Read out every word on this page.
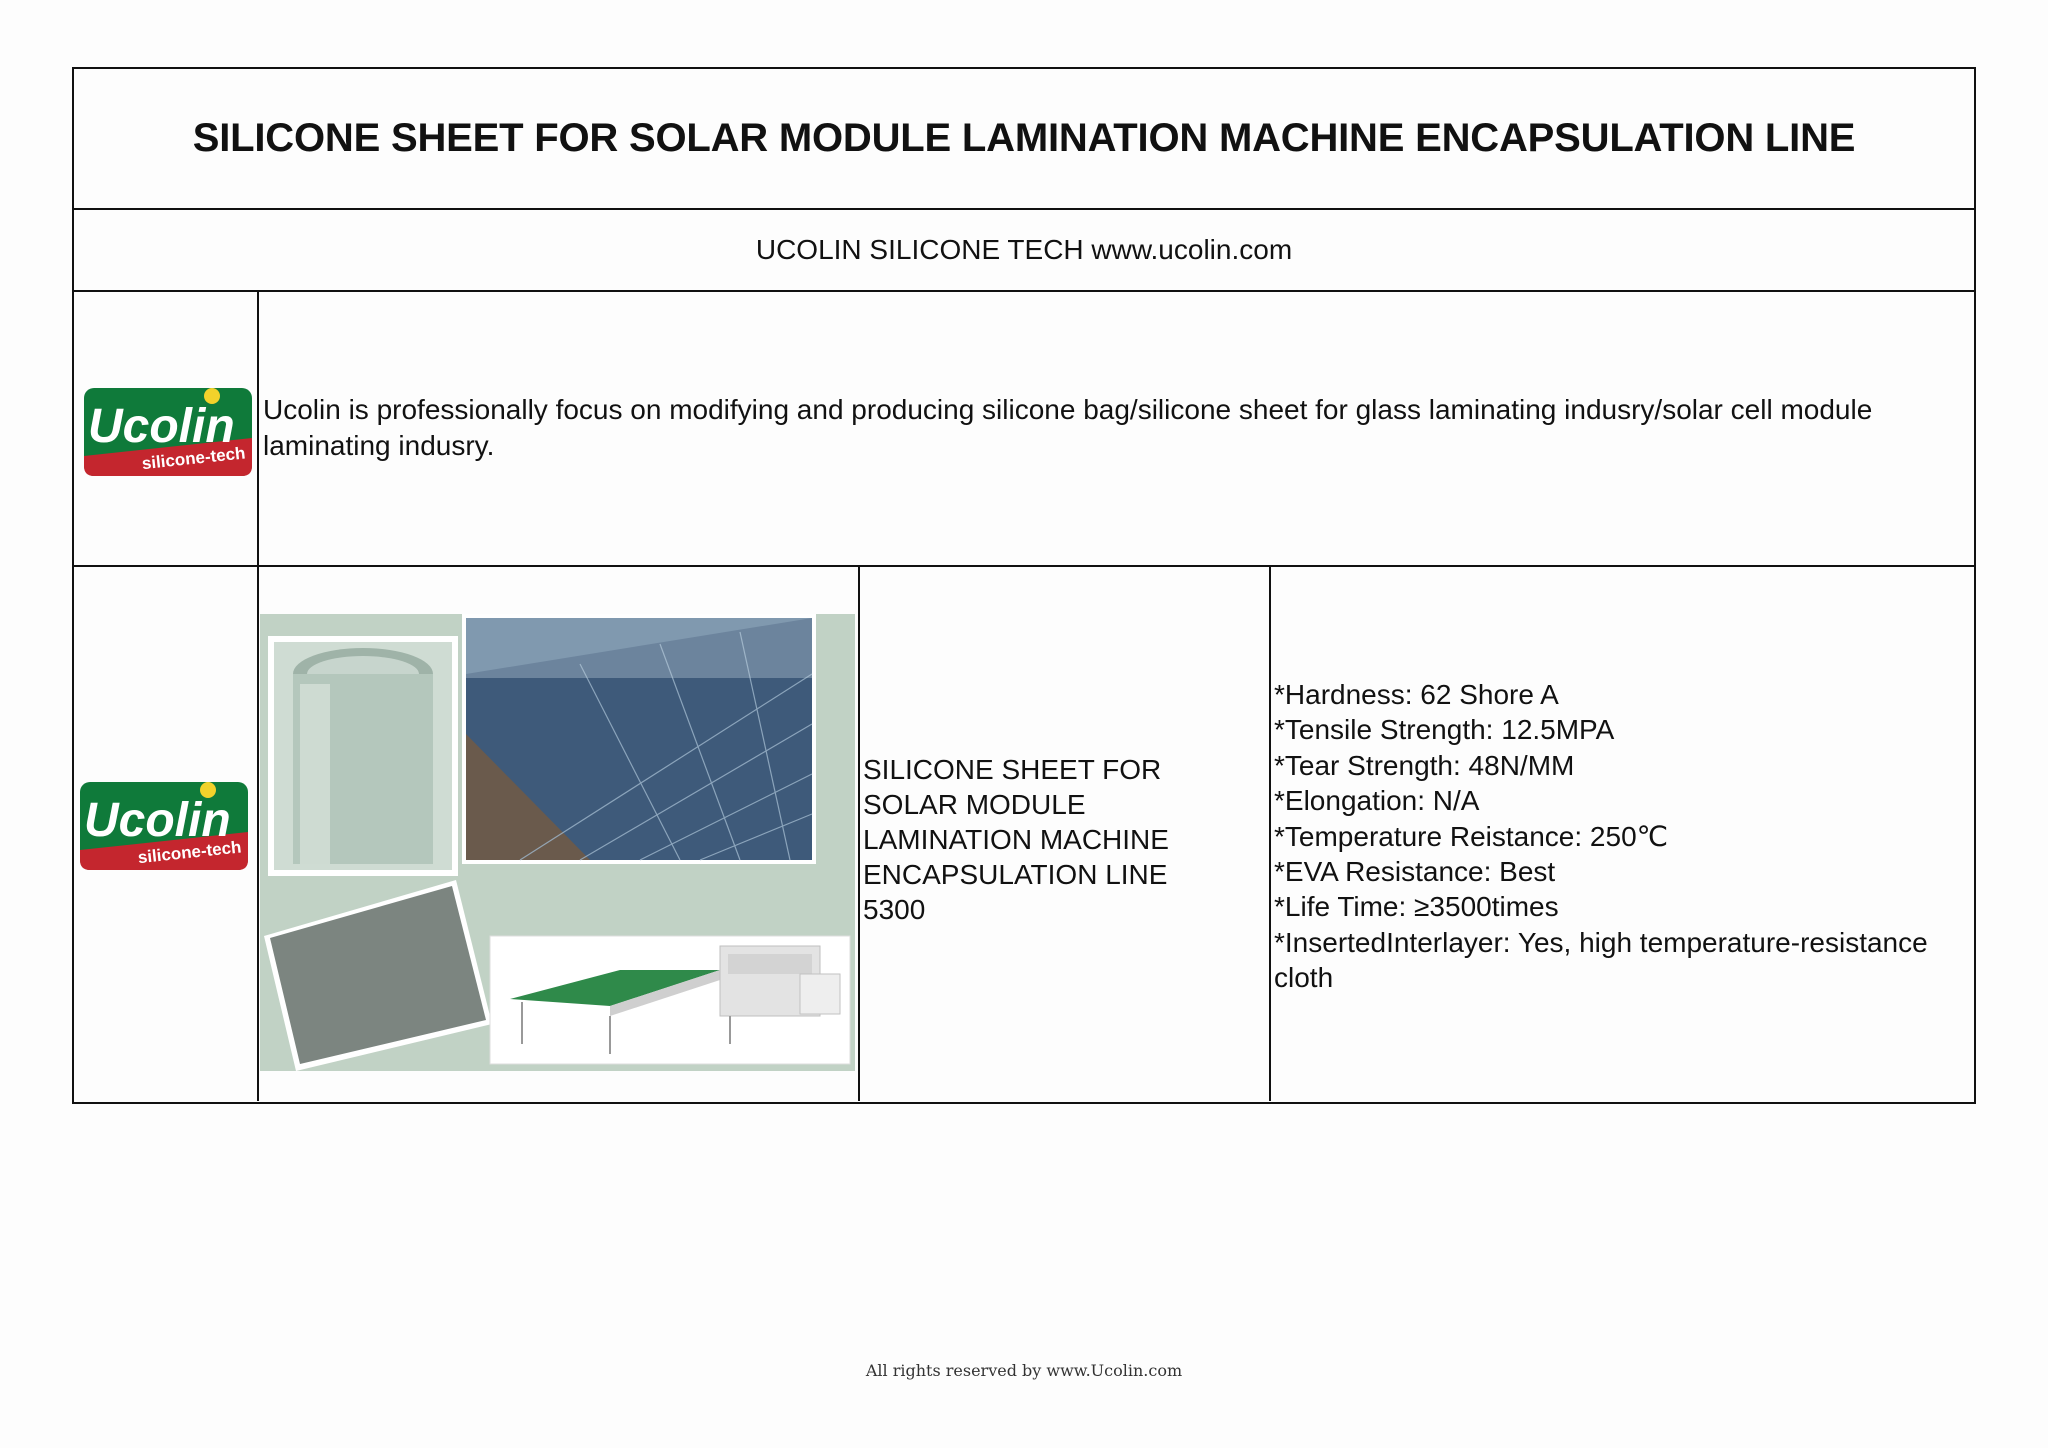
SILICONE SHEET FOR SOLAR MODULE LAMINATION MACHINE ENCAPSULATION LINE
UCOLIN SILICONE TECH www.ucolin.com
Ucolin
silicone-tech
Ucolin is professionally focus on modifying and producing silicone bag/silicone sheet for glass laminating indusry/solar cell module laminating indusry.
Ucolin
silicone-tech
SILICONE SHEET FOR SOLAR MODULE LAMINATION MACHINE ENCAPSULATION LINE 5300
*Hardness: 62 Shore A
*Tensile Strength: 12.5MPA
*Tear Strength: 48N/MM
*Elongation: N/A
*Temperature Reistance: 250℃
*EVA Resistance: Best
*Life Time: ≥3500times
*InsertedInterlayer: Yes, high temperature-resistance cloth
All rights reserved by www.Ucolin.com
